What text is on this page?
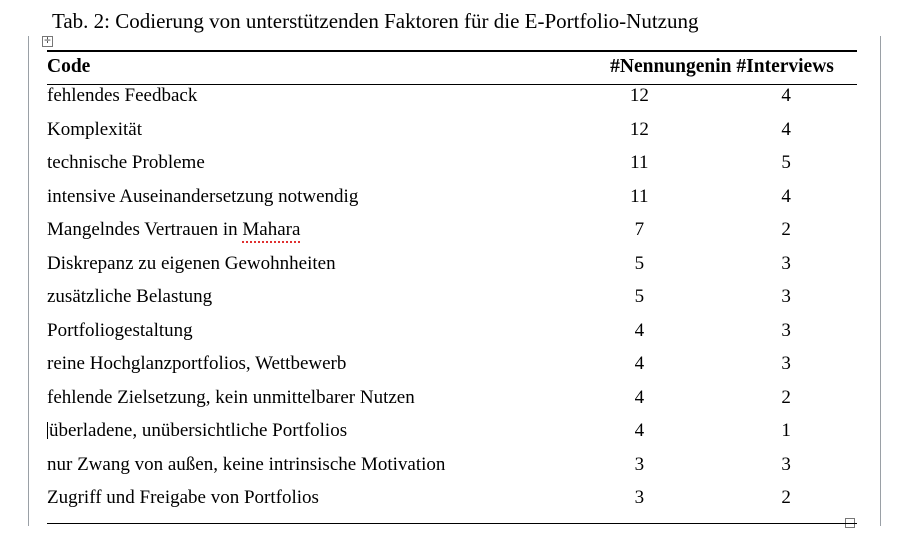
Tab. 2: Codierung von unterstützenden Faktoren für die E-Portfolio-Nutzung
✛
Code	#Nennungen	in #Interviews
fehlendes Feedback	12	4
Komplexität	12	4
technische Probleme	11	5
intensive Auseinandersetzung notwendig	11	4
Mangelndes Vertrauen in Mahara	7	2
Diskrepanz zu eigenen Gewohnheiten	5	3
zusätzliche Belastung	5	3
Portfoliogestaltung	4	3
reine Hochglanzportfolios, Wettbewerb	4	3
fehlende Zielsetzung, kein unmittelbarer Nutzen	4	2
überladene, unübersichtliche Portfolios	4	1
nur Zwang von außen, keine intrinsische Motivation	3	3
Zugriff und Freigabe von Portfolios	3	2
